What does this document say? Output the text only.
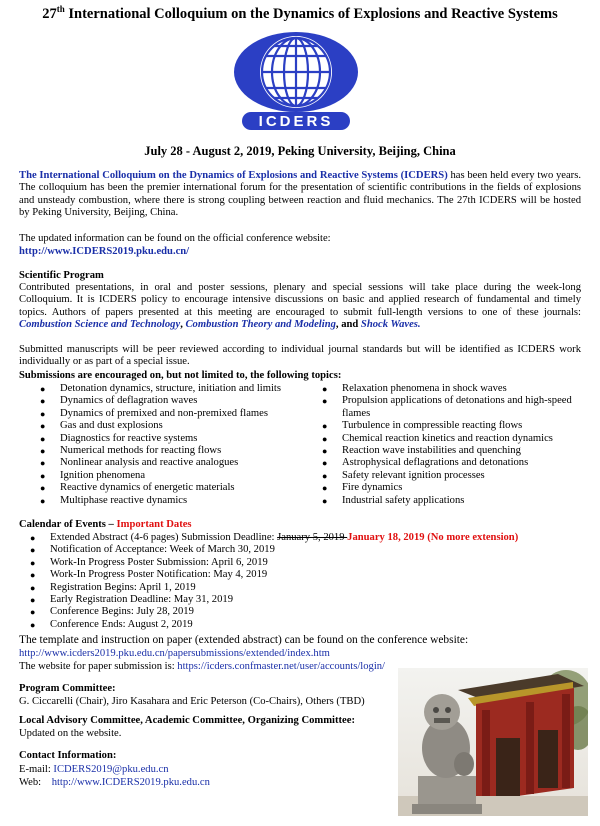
27th International Colloquium on the Dynamics of Explosions and Reactive Systems
ICDERS
July 28 - August 2, 2019, Peking University, Beijing, China
The International Colloquium on the Dynamics of Explosions and Reactive Systems (ICDERS) has been held every two years. The colloquium has been the premier international forum for the presentation of scientific contributions in the fields of explosions and unsteady combustion, where there is strong coupling between reaction and fluid mechanics. The 27th ICDERS will be hosted by Peking University, Beijing, China.
The updated information can be found on the official conference website:
http://www.ICDERS2019.pku.edu.cn/
Scientific Program
Contributed presentations, in oral and poster sessions, plenary and special sessions will take place during the week-long Colloquium. It is ICDERS policy to encourage intensive discussions on basic and applied research of fundamental and timely topics. Authors of papers presented at this meeting are encouraged to submit full-length versions to one of these journals: Combustion Science and Technology, Combustion Theory and Modeling, and Shock Waves.
Submitted manuscripts will be peer reviewed according to individual journal standards but will be identified as ICDERS work individually or as part of a special issue.
Submissions are encouraged on, but not limited to, the following topics:
● Detonation dynamics, structure, initiation and limits
● Dynamics of deflagration waves
● Dynamics of premixed and non-premixed flames
● Gas and dust explosions
● Diagnostics for reactive systems
● Numerical methods for reacting flows
● Nonlinear analysis and reactive analogues
● Ignition phenomena
● Reactive dynamics of energetic materials
● Multiphase reactive dynamics
● Relaxation phenomena in shock waves
● Propulsion applications of detonations and high-speed flames
● Turbulence in compressible reacting flows
● Chemical reaction kinetics and reaction dynamics
● Reaction wave instabilities and quenching
● Astrophysical deflagrations and detonations
● Safety relevant ignition processes
● Fire dynamics
● Industrial safety applications
Calendar of Events – Important Dates
● Extended Abstract (4-6 pages) Submission Deadline: January 5, 2019 January 18, 2019 (No more extension)
● Notification of Acceptance: Week of March 30, 2019
● Work-In Progress Poster Submission: April 6, 2019
● Work-In Progress Poster Notification: May 4, 2019
● Registration Begins: April 1, 2019
● Early Registration Deadline: May 31, 2019
● Conference Begins: July 28, 2019
● Conference Ends: August 2, 2019
The template and instruction on paper (extended abstract) can be found on the conference website:
http://www.icders2019.pku.edu.cn/papersubmissions/extended/index.htm
The website for paper submission is: https://icders.confmaster.net/user/accounts/login/
Program Committee:
G. Ciccarelli (Chair), Jiro Kasahara and Eric Peterson (Co-Chairs), Others (TBD)
Local Advisory Committee, Academic Committee, Organizing Committee:
Updated on the website.
Contact Information:
E-mail: ICDERS2019@pku.edu.cn
Web:    http://www.ICDERS2019.pku.edu.cn
